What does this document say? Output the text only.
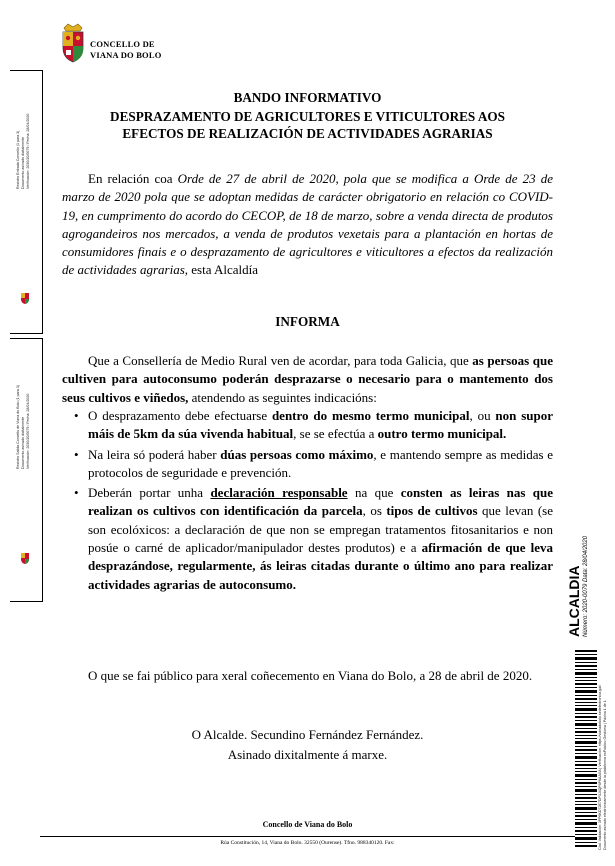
CONCELLO DE
VIANA DO BOLO
Rexistro Entrada Concello (1 para 3) Documento asinado dixitalmente Verificación: 2030/20/0079 / Fecha: 28/04/2020
Rexistro Salida Concello de Viana do Bolo (1 para 3) Documento asinado dixitalmente Verificación: 2030/20/0079 / Fecha: 28/04/2020
BANDO INFORMATIVO
DESPRAZAMENTO DE AGRICULTORES E VITICULTORES AOS
EFECTOS DE REALIZACIÓN DE ACTIVIDADES AGRARIAS
En relación coa Orde de 27 de abril de 2020, pola que se modifica a Orde de 23 de marzo de 2020 pola que se adoptan medidas de carácter obrigatorio en relación co COVID-19, en cumprimento do acordo do CECOP, de 18 de marzo, sobre a venda directa de produtos agrogandeiros nos mercados, a venda de produtos vexetais para a plantación en hortas de consumidores finais e o desprazamento de agricultores e viticultores a efectos da realización de actividades agrarias, esta Alcaldía
INFORMA
Que a Consellería de Medio Rural ven de acordar, para toda Galicia, que as persoas que cultiven para autoconsumo poderán desprazarse o necesario para o mantemento dos seus cultivos e viñedos, atendendo as seguintes indicacións:
• O desprazamento debe efectuarse dentro do mesmo termo municipal, ou non supor máis de 5km da súa vivenda habitual, se se efectúa a outro termo municipal.
• Na leira só poderá haber dúas persoas como máximo, e mantendo sempre as medidas e protocolos de seguridade e prevención.
• Deberán portar unha declaración responsable na que consten as leiras nas que realizan os cultivos con identificación da parcela, os tipos de cultivos que levan (se son ecolóxicos: a declaración de que non se empregan tratamentos fitosanitarios e non posúe o carné de aplicador/manipulador destes produtos) e a afirmación de que leva desprazándose, regularmente, ás leiras citadas durante o último ano para realizar actividades agrarias de autoconsumo.
O que se fai público para xeral coñecemento en Viana do Bolo, a 28 de abril de 2020.
O Alcalde. Secundino Fernández Fernández.
Asinado dixitalmente á marxe.
Concello de Viana do Bolo
Rúa Constitución, 14, Viana do Bolo. 32550 (Ourense). Tfno. 988340120. Fax:
ALCALDIA Número: 2020-0079 Data: 28/04/2020
Cód. Validación: 3FP6KD72E7DP3J4QF6P6AAXA | Verificación: https://vianadobolo.sedelectronica.gal/ Documento asinado electrónicamente desde la plataforma esPublico Gestiona | Páxina 1 de 1
